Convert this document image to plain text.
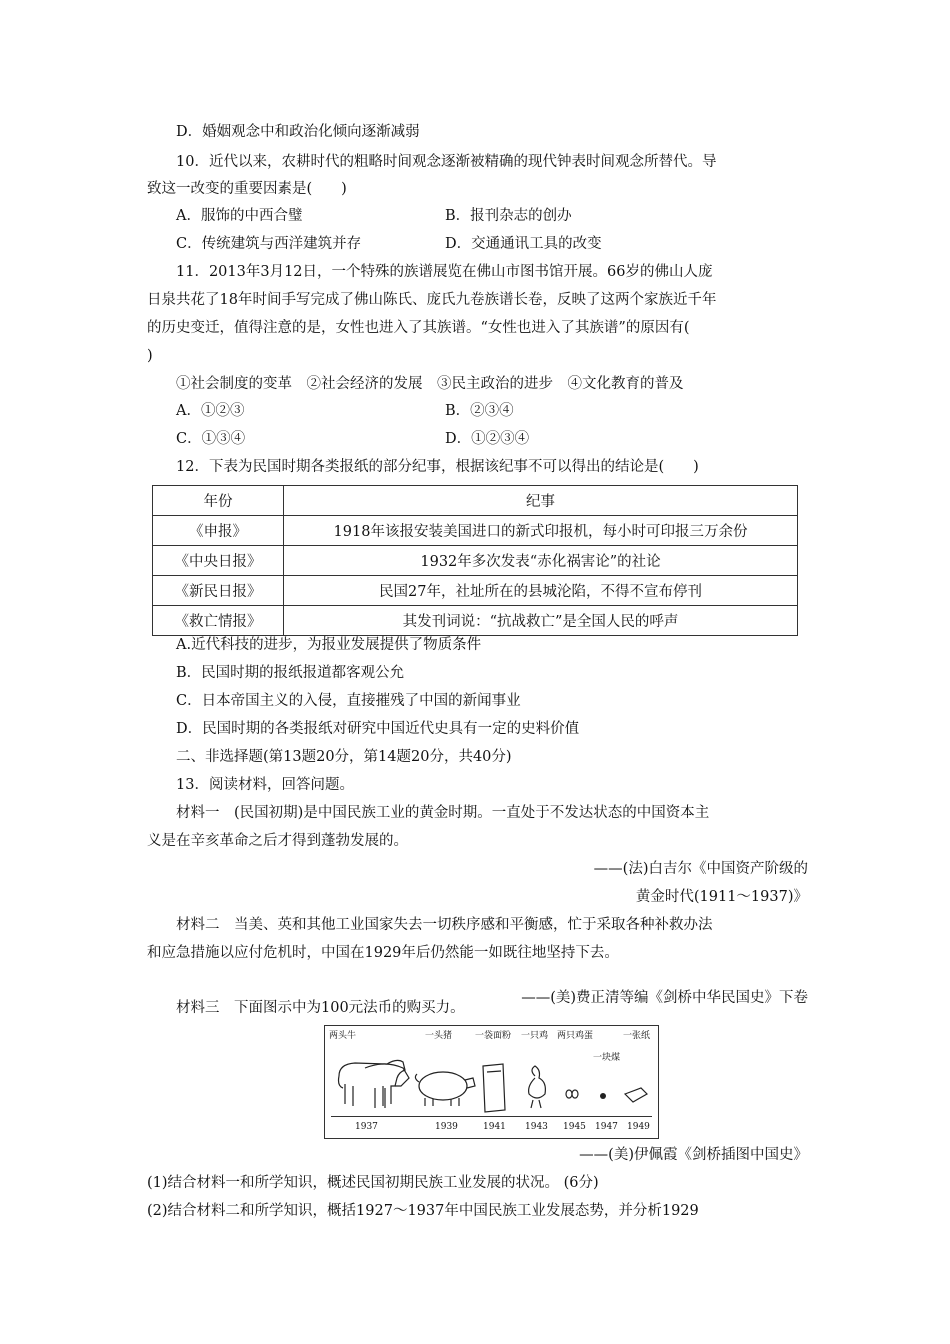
D．婚姻观念中和政治化倾向逐渐减弱
10．近代以来，农耕时代的粗略时间观念逐渐被精确的现代钟表时间观念所替代。导
致这一改变的重要因素是(　　)
A．服饰的中西合璧	B．报刊杂志的创办
C．传统建筑与西洋建筑并存	D．交通通讯工具的改变
11．2013年3月12日，一个特殊的族谱展览在佛山市图书馆开展。66岁的佛山人庞
日泉共花了18年时间手写完成了佛山陈氏、庞氏九卷族谱长卷，反映了这两个家族近千年
的历史变迁，值得注意的是，女性也进入了其族谱。“女性也进入了其族谱”的原因有(
)
①社会制度的变革　②社会经济的发展　③民主政治的进步　④文化教育的普及
A．①②③	B．②③④
C．①③④	D．①②③④
12．下表为民国时期各类报纸的部分纪事，根据该纪事不可以得出的结论是(　　)
年份	纪事
《申报》	1918年该报安装美国进口的新式印报机，每小时可印报三万余份
《中央日报》	1932年多次发表“赤化祸害论”的社论
《新民日报》	民国27年，社址所在的县城沦陷，不得不宣布停刊
《救亡情报》	其发刊词说：“抗战救亡”是全国人民的呼声
A.近代科技的进步，为报业发展提供了物质条件
B．民国时期的报纸报道都客观公允
C．日本帝国主义的入侵，直接摧残了中国的新闻事业
D．民国时期的各类报纸对研究中国近代史具有一定的史料价值
二、非选择题(第13题20分，第14题20分，共40分)
13．阅读材料，回答问题。
材料一　(民国初期)是中国民族工业的黄金时期。一直处于不发达状态的中国资本主
义是在辛亥革命之后才得到蓬勃发展的。
——(法)白吉尔《中国资产阶级的
黄金时代(1911～1937)》
材料二　当美、英和其他工业国家失去一切秩序感和平衡感，忙于采取各种补救办法
和应急措施以应付危机时，中国在1929年后仍然能一如既往地坚持下去。
——(美)费正清等编《剑桥中华民国史》下卷
材料三　下面图示中为100元法币的购买力。
两头牛	一头猪	一袋面粉 一只鸡 两只鸡蛋
一块煤
一张纸
1937	1939	1941 1943 1945 1947 1949
——(美)伊佩霞《剑桥插图中国史》
(1)结合材料一和所学知识，概述民国初期民族工业发展的状况。 (6分)
(2)结合材料二和所学知识，概括1927～1937年中国民族工业发展态势，并分析1929
